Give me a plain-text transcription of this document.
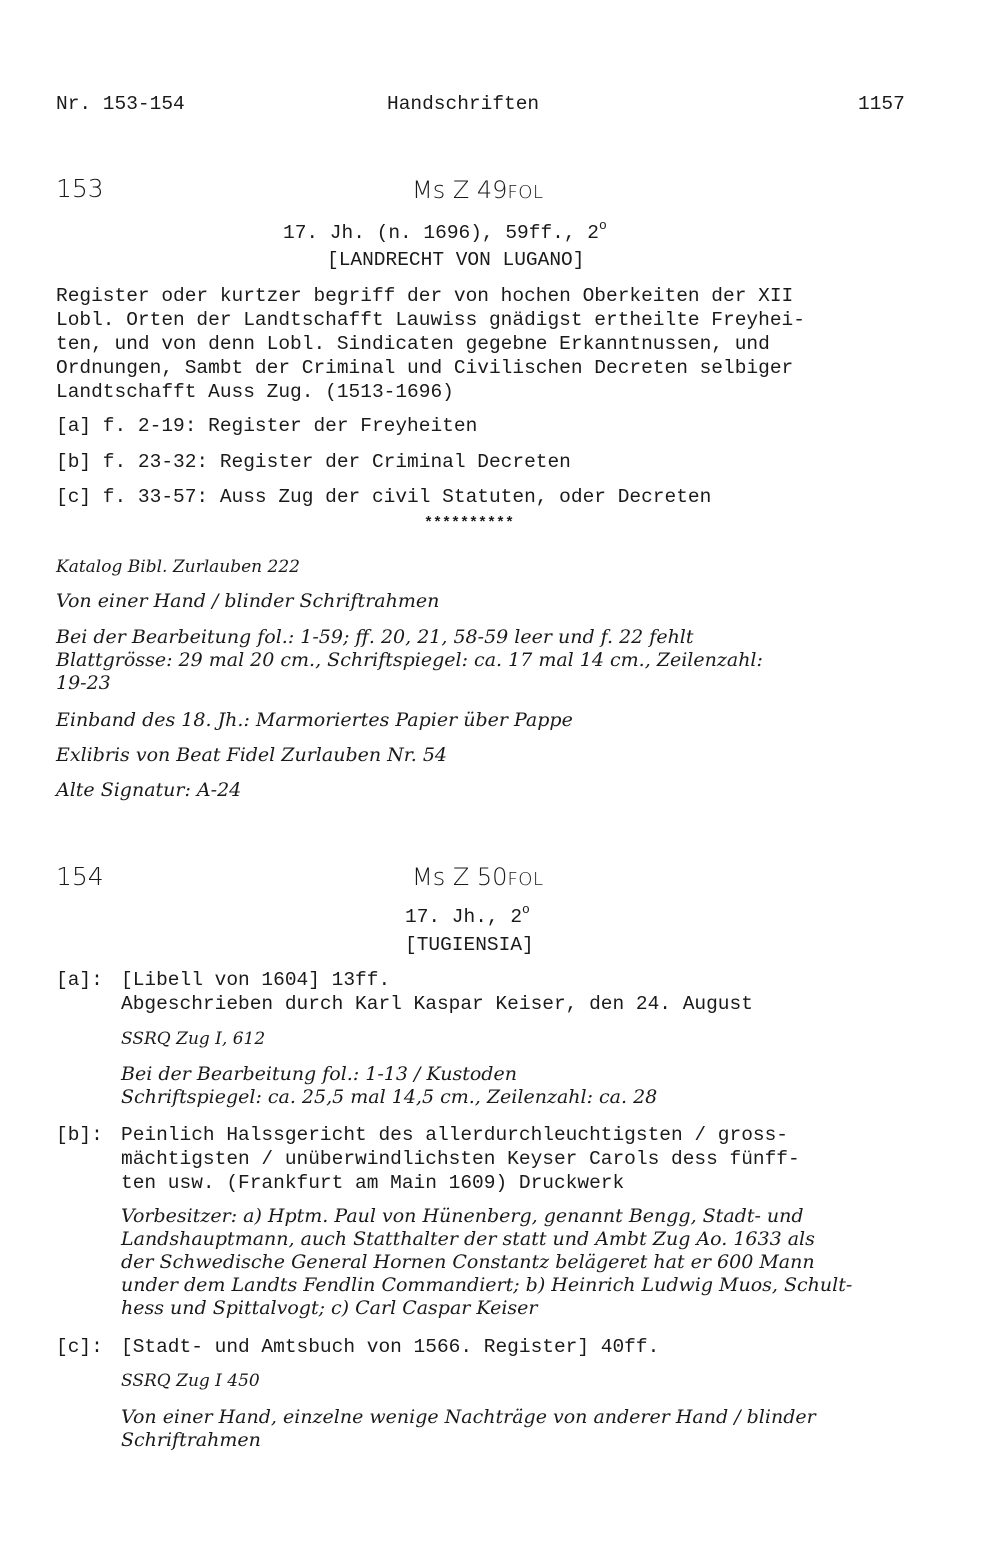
Nr. 153-154	Handschriften	1157
153	Ms Z 49FOL
17. Jh. (n. 1696), 59ff., 2$^o$
[LANDRECHT VON LUGANO]
Register oder kurtzer begriff der von hochen Oberkeiten der XII
Lobl. Orten der Landtschafft Lauwiss gnädigst ertheilte Freyhei-
ten, und von denn Lobl. Sindicaten gegebne Erkanntnussen, und
Ordnungen, Sambt der Criminal und Civilischen Decreten selbiger
Landtschafft Auss Zug. (1513-1696)
[a] f. 2-19: Register der Freyheiten
[b] f. 23-32: Register der Criminal Decreten
[c] f. 33-57: Auss Zug der civil Statuten, oder Decreten
**********
Katalog Bibl. Zurlauben 222
Von einer Hand / blinder Schriftrahmen
Bei der Bearbeitung fol.: 1-59; ff. 20, 21, 58-59 leer und f. 22 fehlt
Blattgrösse: 29 mal 20 cm., Schriftspiegel: ca. 17 mal 14 cm., Zeilenzahl:
19-23
Einband des 18. Jh.: Marmoriertes Papier über Pappe
Exlibris von Beat Fidel Zurlauben Nr. 54
Alte Signatur: A-24
154	Ms Z 50FOL
17. Jh., 2$^o$
[TUGIENSIA]
[a]: [Libell von 1604] 13ff.
Abgeschrieben durch Karl Kaspar Keiser, den 24. August
SSRQ Zug I, 612
Bei der Bearbeitung fol.: 1-13 / Kustoden
Schriftspiegel: ca. 25,5 mal 14,5 cm., Zeilenzahl: ca. 28
[b]: Peinlich Halssgericht des allerdurchleuchtigsten / gross-
mächtigsten / unüberwindlichsten Keyser Carols dess fünff-
ten usw. (Frankfurt am Main 1609) Druckwerk
Vorbesitzer: a) Hptm. Paul von Hünenberg, genannt Bengg, Stadt- und
Landshauptmann, auch Statthalter der statt und Ambt Zug Ao. 1633 als
der Schwedische General Hornen Constantz belägeret hat er 600 Mann
under dem Landts Fendlin Commandiert; b) Heinrich Ludwig Muos, Schult-
hess und Spittalvogt; c) Carl Caspar Keiser
[c]: [Stadt- und Amtsbuch von 1566. Register] 40ff.
SSRQ Zug I 450
Von einer Hand, einzelne wenige Nachträge von anderer Hand / blinder
Schriftrahmen
